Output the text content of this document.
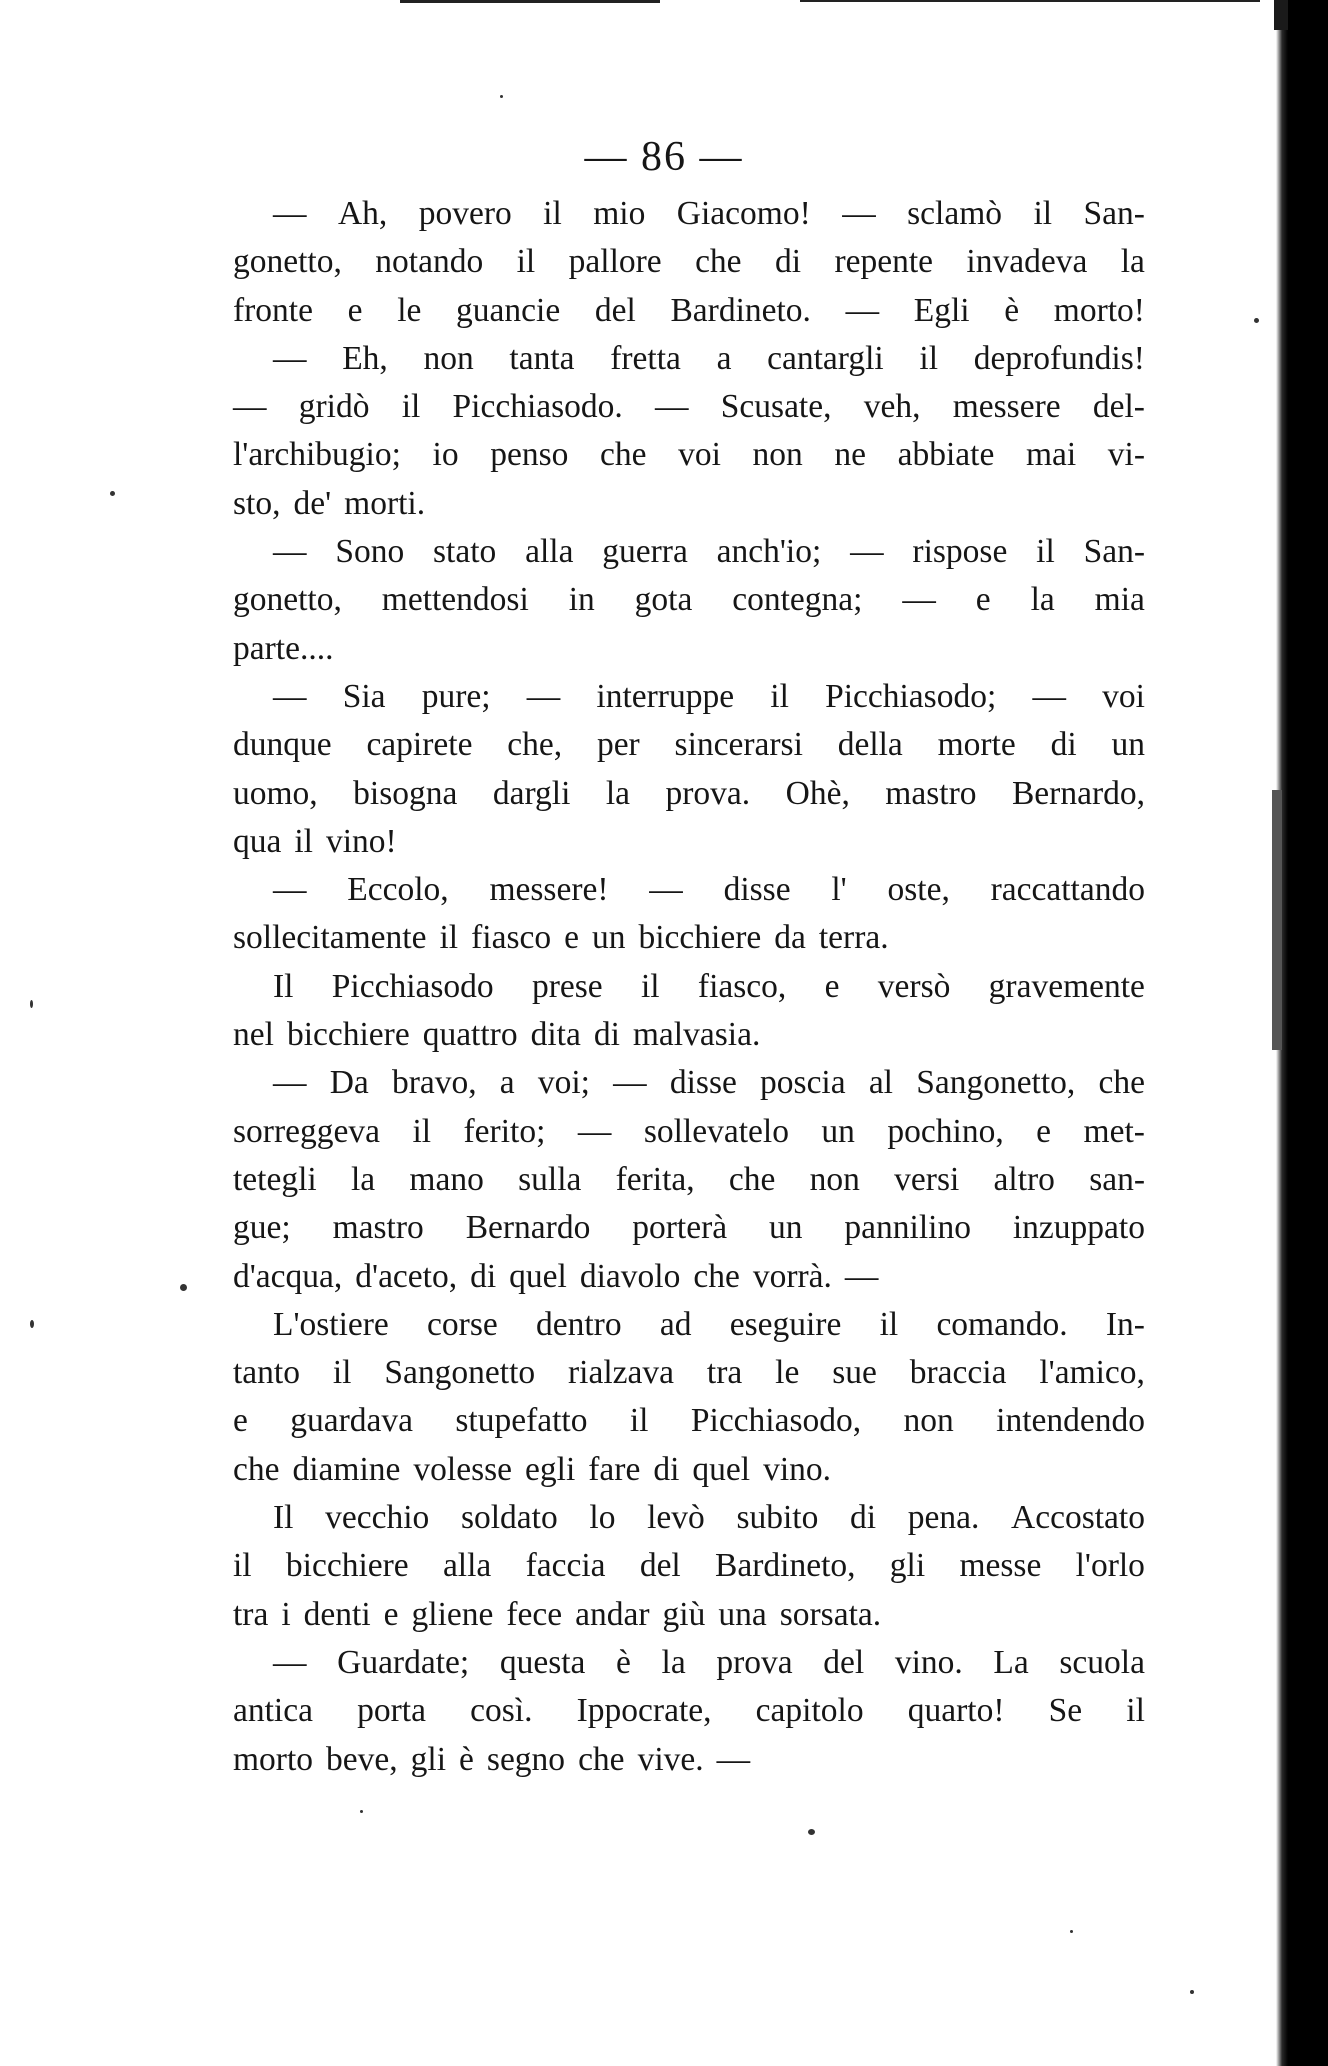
— 86 —
— Ah, povero il mio Giacomo! — sclamò il San-
gonetto, notando il pallore che di repente invadeva la
fronte e le guancie del Bardineto. — Egli è morto!
— Eh, non tanta fretta a cantargli il deprofundis!
— gridò il Picchiasodo. — Scusate, veh, messere del-
l'archibugio; io penso che voi non ne abbiate mai vi-
sto, de' morti.
— Sono stato alla guerra anch'io; — rispose il San-
gonetto, mettendosi in gota contegna; — e la mia
parte....
— Sia pure; — interruppe il Picchiasodo; — voi
dunque capirete che, per sincerarsi della morte di un
uomo, bisogna dargli la prova. Ohè, mastro Bernardo,
qua il vino!
— Eccolo, messere! — disse l' oste, raccattando
sollecitamente il fiasco e un bicchiere da terra.
Il Picchiasodo prese il fiasco, e versò gravemente
nel bicchiere quattro dita di malvasia.
— Da bravo, a voi; — disse poscia al Sangonetto, che
sorreggeva il ferito; — sollevatelo un pochino, e met-
tetegli la mano sulla ferita, che non versi altro san-
gue; mastro Bernardo porterà un pannilino inzuppato
d'acqua, d'aceto, di quel diavolo che vorrà. —
L'ostiere corse dentro ad eseguire il comando. In-
tanto il Sangonetto rialzava tra le sue braccia l'amico,
e guardava stupefatto il Picchiasodo, non intendendo
che diamine volesse egli fare di quel vino.
Il vecchio soldato lo levò subito di pena. Accostato
il bicchiere alla faccia del Bardineto, gli messe l'orlo
tra i denti e gliene fece andar giù una sorsata.
— Guardate; questa è la prova del vino. La scuola
antica porta così. Ippocrate, capitolo quarto! Se il
morto beve, gli è segno che vive. —
